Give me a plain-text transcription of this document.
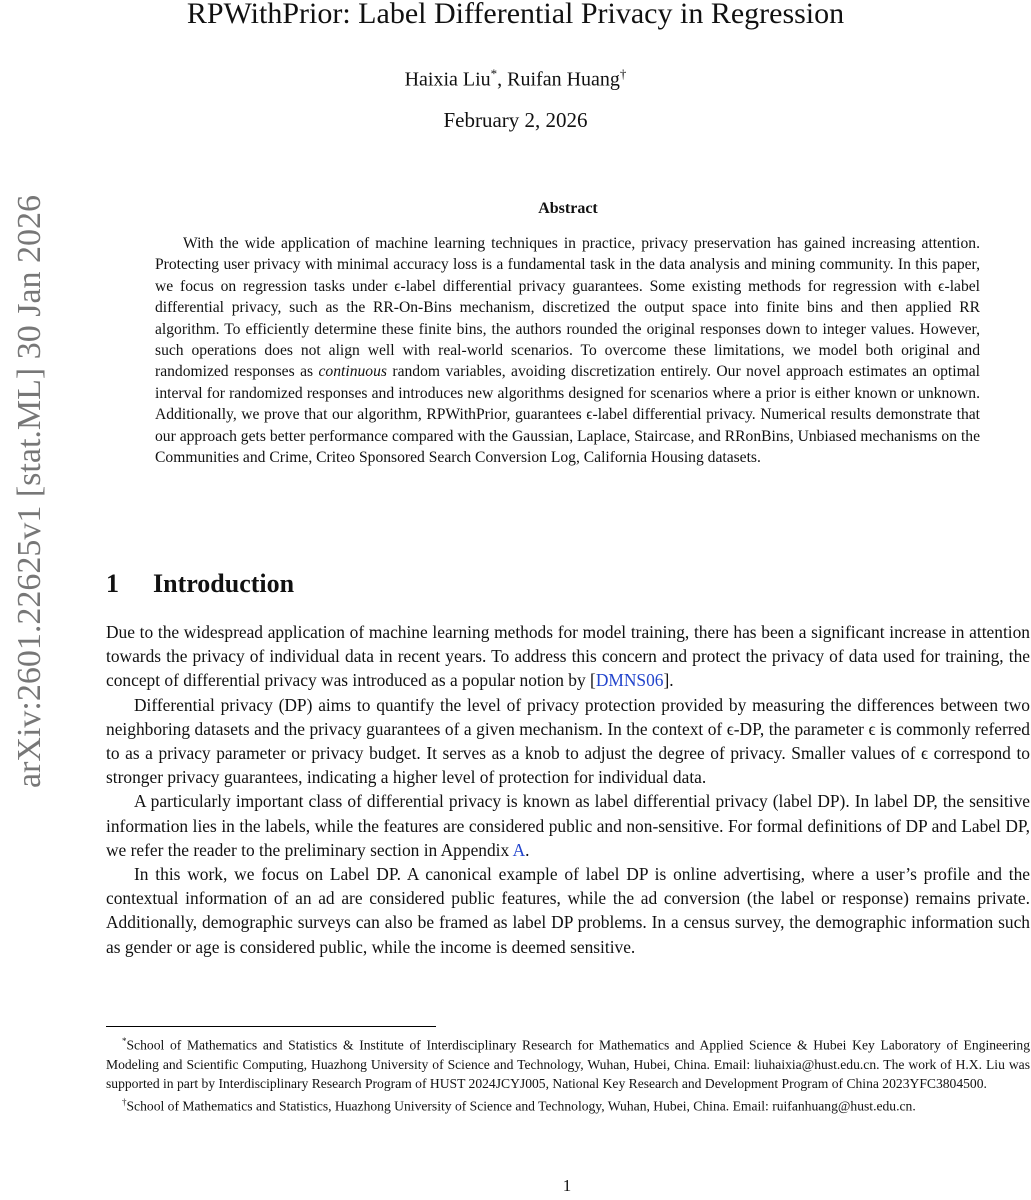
arXiv:2601.22625v1 [stat.ML] 30 Jan 2026
RPWithPrior: Label Differential Privacy in Regression
Haixia Liu*, Ruifan Huang†
February 2, 2026
Abstract

With the wide application of machine learning techniques in practice, privacy preservation has gained increasing attention. Protecting user privacy with minimal accuracy loss is a fundamental task in the data analysis and mining community. In this paper, we focus on regression tasks under ϵ-label differential privacy guarantees. Some existing methods for regression with ϵ-label differential privacy, such as the RR-On-Bins mechanism, discretized the output space into finite bins and then applied RR algorithm. To efficiently determine these finite bins, the authors rounded the original responses down to integer values. However, such operations does not align well with real-world scenarios. To overcome these limitations, we model both original and randomized responses as continuous random variables, avoiding discretization entirely. Our novel approach estimates an optimal interval for randomized responses and introduces new algorithms designed for scenarios where a prior is either known or unknown. Additionally, we prove that our algorithm, RPWithPrior, guarantees ϵ-label differential privacy. Numerical results demonstrate that our approach gets better performance compared with the Gaussian, Laplace, Staircase, and RRonBins, Unbiased mechanisms on the Communities and Crime, Criteo Sponsored Search Conversion Log, California Housing datasets.

1 Introduction

Due to the widespread application of machine learning methods for model training, there has been a significant increase in attention towards the privacy of individual data in recent years. To address this concern and protect the privacy of data used for training, the concept of differential privacy was introduced as a popular notion by [DMNS06].

Differential privacy (DP) aims to quantify the level of privacy protection provided by measuring the differences between two neighboring datasets and the privacy guarantees of a given mechanism. In the context of ϵ-DP, the parameter ϵ is commonly referred to as a privacy parameter or privacy budget. It serves as a knob to adjust the degree of privacy. Smaller values of ϵ correspond to stronger privacy guarantees, indicating a higher level of protection for individual data.

A particularly important class of differential privacy is known as label differential privacy (label DP). In label DP, the sensitive information lies in the labels, while the features are considered public and non-sensitive. For formal definitions of DP and Label DP, we refer the reader to the preliminary section in Appendix A.

In this work, we focus on Label DP. A canonical example of label DP is online advertising, where a user’s profile and the contextual information of an ad are considered public features, while the ad conversion (the label or response) remains private. Additionally, demographic surveys can also be framed as label DP problems. In a census survey, the demographic information such as gender or age is considered public, while the income is deemed sensitive.

*School of Mathematics and Statistics & Institute of Interdisciplinary Research for Mathematics and Applied Science & Hubei Key Laboratory of Engineering Modeling and Scientific Computing, Huazhong University of Science and Technology, Wuhan, Hubei, China. Email: liuhaixia@hust.edu.cn. The work of H.X. Liu was supported in part by Interdisciplinary Research Program of HUST 2024JCYJ005, National Key Research and Development Program of China 2023YFC3804500.

†School of Mathematics and Statistics, Huazhong University of Science and Technology, Wuhan, Hubei, China. Email: ruifanhuang@hust.edu.cn.

1
